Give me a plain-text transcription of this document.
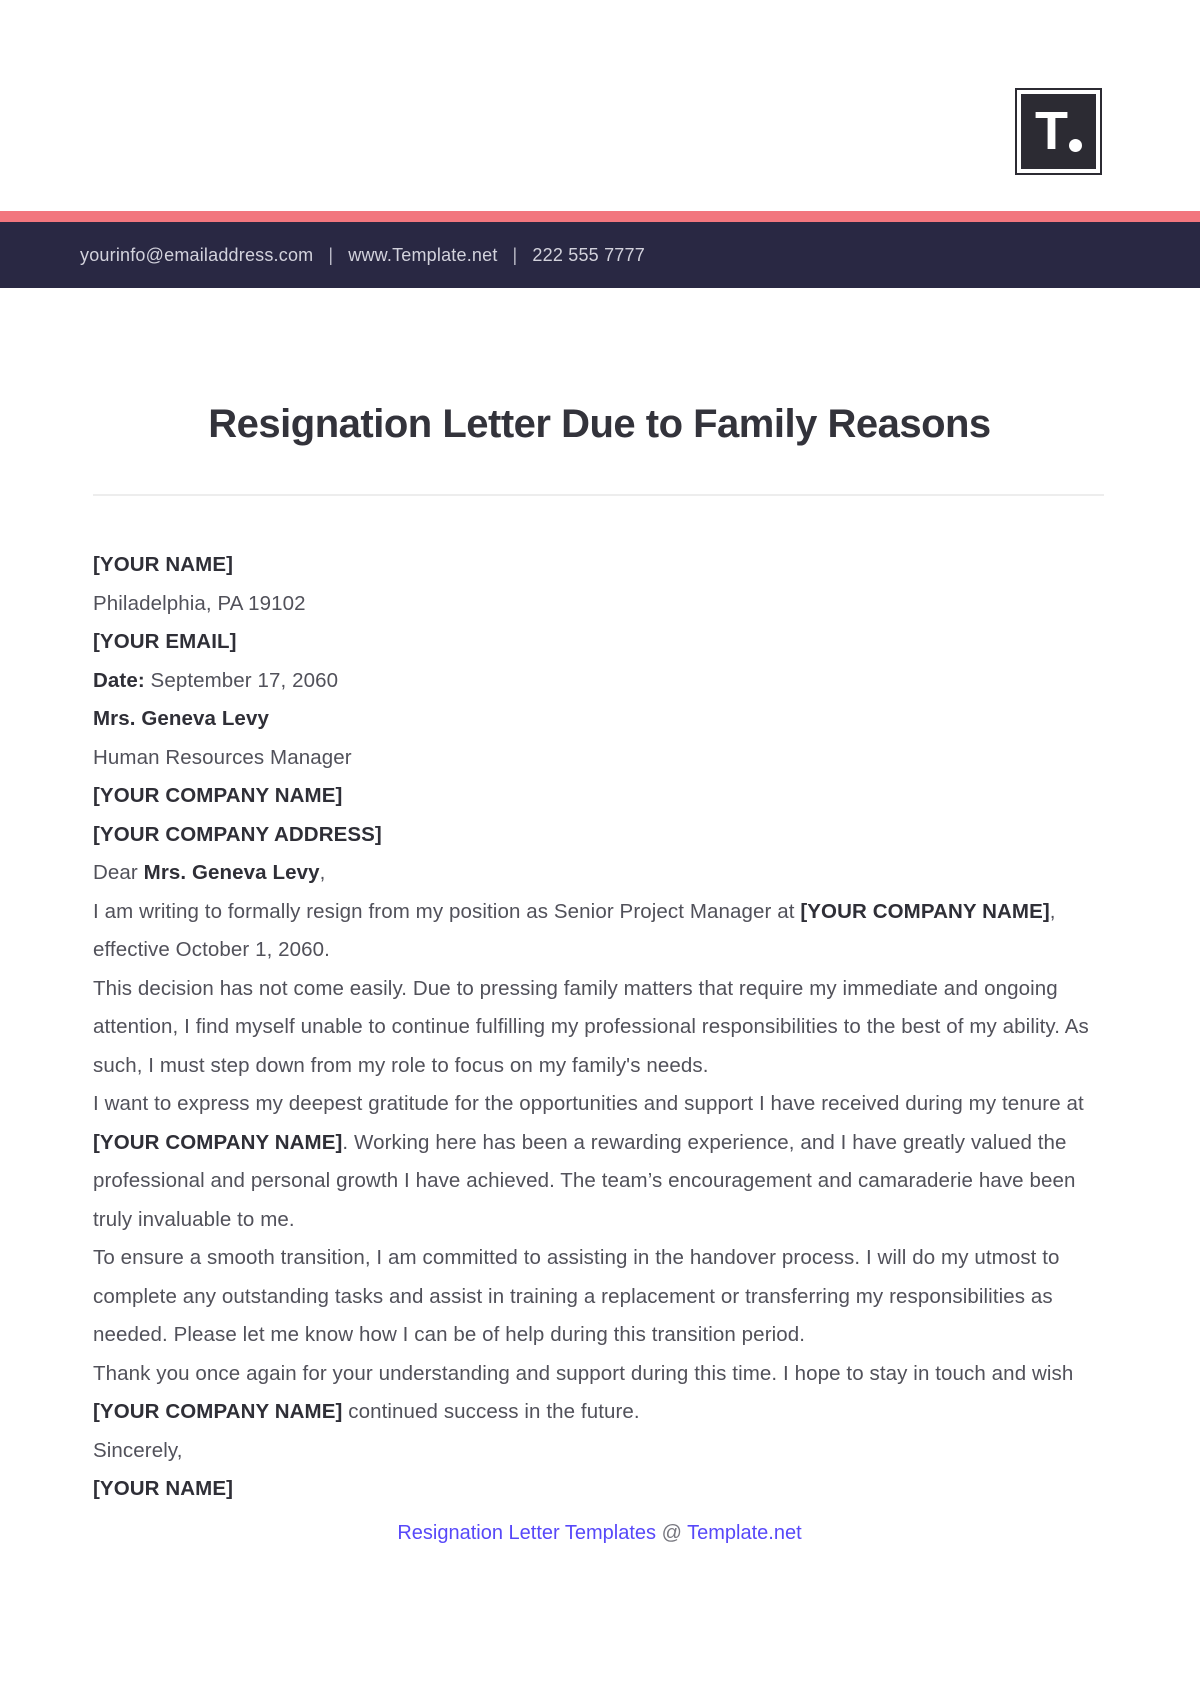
T
yourinfo@emailaddress.com | www.Template.net | 222 555 7777
Resignation Letter Due to Family Reasons

[YOUR NAME]

Philadelphia, PA 19102

[YOUR EMAIL]

Date: September 17, 2060

Mrs. Geneva Levy

Human Resources Manager

[YOUR COMPANY NAME]

[YOUR COMPANY ADDRESS]

Dear Mrs. Geneva Levy,

I am writing to formally resign from my position as Senior Project Manager at [YOUR COMPANY NAME], effective October 1, 2060.

This decision has not come easily. Due to pressing family matters that require my immediate and ongoing attention, I find myself unable to continue fulfilling my professional responsibilities to the best of my ability. As such, I must step down from my role to focus on my family's needs.

I want to express my deepest gratitude for the opportunities and support I have received during my tenure at [YOUR COMPANY NAME]. Working here has been a rewarding experience, and I have greatly valued the professional and personal growth I have achieved. The team’s encouragement and camaraderie have been truly invaluable to me.

To ensure a smooth transition, I am committed to assisting in the handover process. I will do my utmost to complete any outstanding tasks and assist in training a replacement or transferring my responsibilities as needed. Please let me know how I can be of help during this transition period.

Thank you once again for your understanding and support during this time. I hope to stay in touch and wish [YOUR COMPANY NAME] continued success in the future.

Sincerely,

[YOUR NAME]

Resignation Letter Templates @ Template.net
